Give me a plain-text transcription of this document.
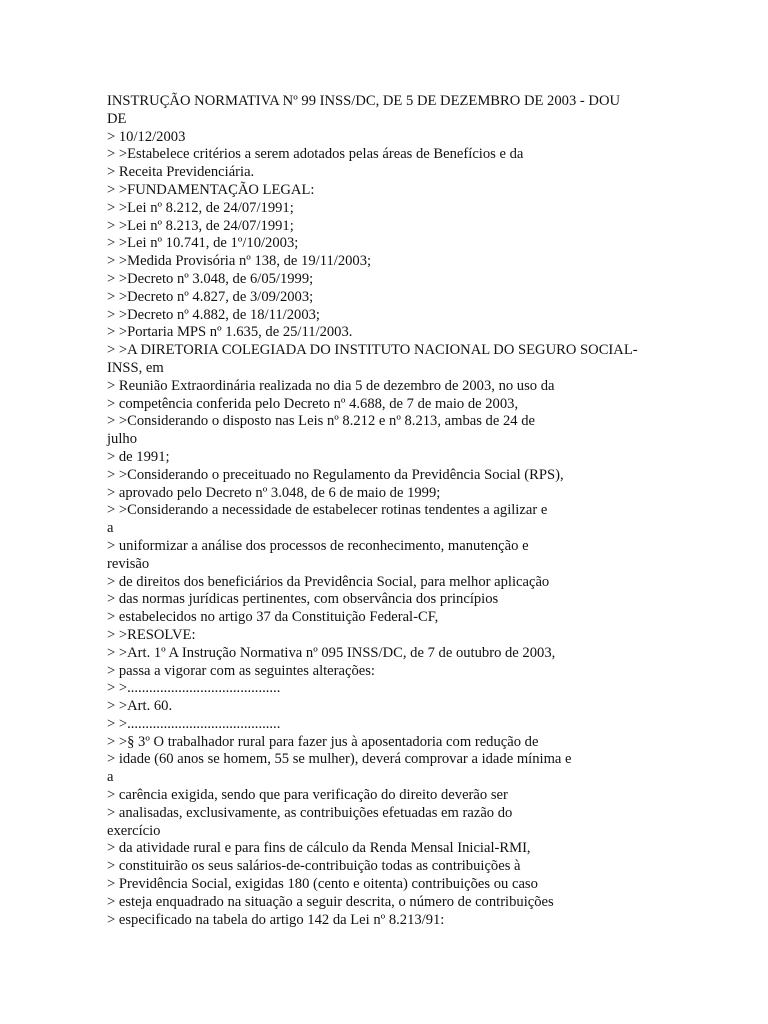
INSTRUÇÃO NORMATIVA Nº 99 INSS/DC, DE 5 DE DEZEMBRO DE 2003 - DOU
DE
> 10/12/2003
> >Estabelece critérios a serem adotados pelas áreas de Benefícios e da
> Receita Previdenciária.
> >FUNDAMENTAÇÃO LEGAL:
> >Lei nº 8.212, de 24/07/1991;
> >Lei nº 8.213, de 24/07/1991;
> >Lei nº 10.741, de 1º/10/2003;
> >Medida Provisória nº 138, de 19/11/2003;
> >Decreto nº 3.048, de 6/05/1999;
> >Decreto nº 4.827, de 3/09/2003;
> >Decreto nº 4.882, de 18/11/2003;
> >Portaria MPS nº 1.635, de 25/11/2003.
> >A DIRETORIA COLEGIADA DO INSTITUTO NACIONAL DO SEGURO SOCIAL-
INSS, em
> Reunião Extraordinária realizada no dia 5 de dezembro de 2003, no uso da
> competência conferida pelo Decreto nº 4.688, de 7 de maio de 2003,
> >Considerando o disposto nas Leis nº 8.212 e nº 8.213, ambas de 24 de
julho
> de 1991;
> >Considerando o preceituado no Regulamento da Previdência Social (RPS),
> aprovado pelo Decreto nº 3.048, de 6 de maio de 1999;
> >Considerando a necessidade de estabelecer rotinas tendentes a agilizar e
a
> uniformizar a análise dos processos de reconhecimento, manutenção e
revisão
> de direitos dos beneficiários da Previdência Social, para melhor aplicação
> das normas jurídicas pertinentes, com observância dos princípios
> estabelecidos no artigo 37 da Constituição Federal-CF,
> >RESOLVE:
> >Art. 1º A Instrução Normativa nº 095 INSS/DC, de 7 de outubro de 2003,
> passa a vigorar com as seguintes alterações:
> >..........................................
> >Art. 60.
> >..........................................
> >§ 3º O trabalhador rural para fazer jus à aposentadoria com redução de
> idade (60 anos se homem, 55 se mulher), deverá comprovar a idade mínima e
a
> carência exigida, sendo que para verificação do direito deverão ser
> analisadas, exclusivamente, as contribuições efetuadas em razão do
exercício
> da atividade rural e para fins de cálculo da Renda Mensal Inicial-RMI,
> constituirão os seus salários-de-contribuição todas as contribuições à
> Previdência Social, exigidas 180 (cento e oitenta) contribuições ou caso
> esteja enquadrado na situação a seguir descrita, o número de contribuições
> especificado na tabela do artigo 142 da Lei nº 8.213/91:
